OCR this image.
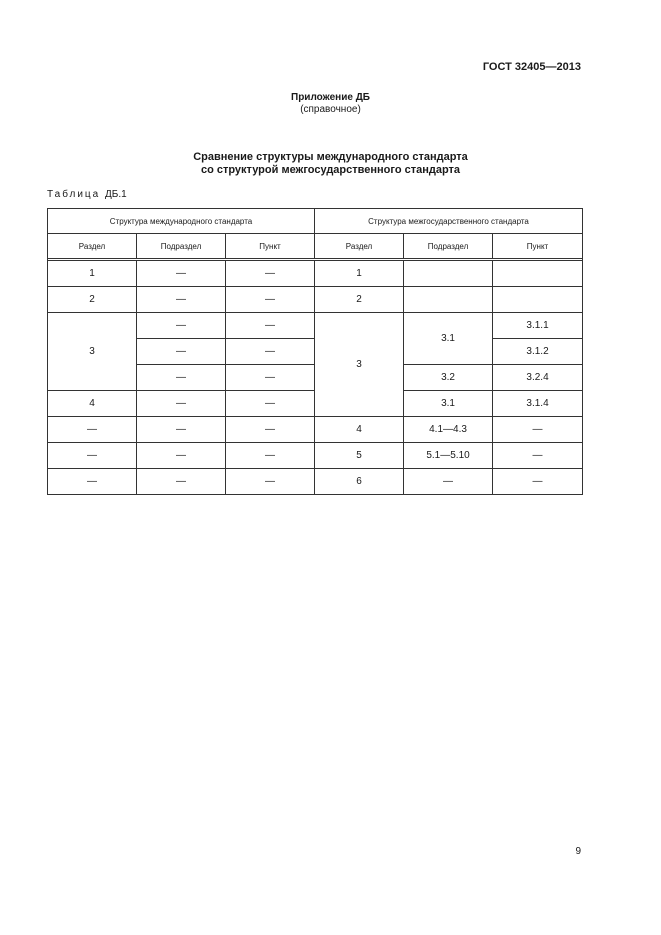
ГОСТ 32405—2013
Приложение ДБ
(справочное)
Сравнение структуры международного стандарта
со структурой межгосударственного стандарта
Таблица ДБ.1
Структура международного стандарта			Структура межгосударственного стандарта		
Раздел	Подраздел	Пункт	Раздел	Подраздел	Пункт

1	—	—	1		
2	—	—	2		
3	—	—	3	3.1	3.1.1
	—	—			3.1.2
	—	—		3.2	3.2.4
4	—	—		3.1	3.1.4
—	—	—	4	4.1—4.3	—
—	—	—	5	5.1—5.10	—
—	—	—	6	—	—
9
